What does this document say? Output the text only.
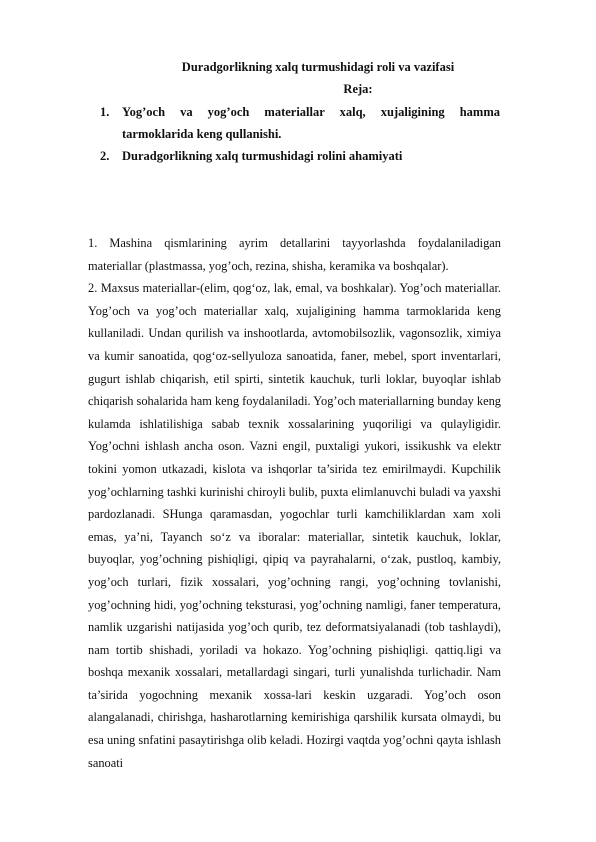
Duradgorlikning xalq turmushidagi roli va vazifasi
Reja:
1. Yog’och va yog’och materiallar xalq, xujaligining hamma tarmoklarida keng qullanishi.
2. Duradgorlikning xalq turmushidagi rolini ahamiyati

1. Mashina qismlarining ayrim detallarini tayyorlashda foydalaniladigan materiallar (plastmassa, yog’och, rezina, shisha, keramika va boshqalar).

2. Maxsus materiallar-(elim, qog‘oz, lak, emal, va boshkalar). Yog’och materiallar. Yog’och va yog’och materiallar xalq, xujaligining hamma tarmoklarida keng kullaniladi. Undan qurilish va inshootlarda, avtomobilsozlik, vagonsozlik, ximiya va kumir sanoatida, qog‘oz-sellyuloza sanoatida, faner, mebel, sport inventarlari, gugurt ishlab chiqarish, etil spirti, sintetik kauchuk, turli loklar, buyoqlar ishlab chiqarish sohalarida ham keng foydalaniladi. Yog’och materiallarning bunday keng kulamda ishlatilishiga sabab texnik xossalarining yuqoriligi va qulayligidir. Yog’ochni ishlash ancha oson. Vazni engil, puxtaligi yukori, issikushk va elektr tokini yomon utkazadi, kislota va ishqorlar ta’sirida tez emirilmaydi. Kupchilik yog’ochlarning tashki kurinishi chiroyli bulib, puxta elimlanuvchi buladi va yaxshi pardozlanadi. SHunga qaramasdan, yogochlar turli kamchiliklardan xam xoli emas, ya’ni, Tayanch so‘z va iboralar: materiallar, sintetik kauchuk, loklar, buyoqlar, yog’ochning pishiqligi, qipiq va payrahalarni, o‘zak, pustloq, kambiy, yog’och turlari, fizik xossalari, yog’ochning rangi, yog’ochning tovlanishi, yog’ochning hidi, yog’ochning teksturasi, yog’ochning namligi, faner temperatura, namlik uzgarishi natijasida yog’och qurib, tez deformatsiyalanadi (tob tashlaydi), nam tortib shishadi, yoriladi va hokazo. Yog’ochning pishiqligi. qattiq.ligi va boshqa mexanik xossalari, metallardagi singari, turli yunalishda turlichadir. Nam ta’sirida yogochning mexanik xossa-lari keskin uzgaradi. Yog’och oson alangalanadi, chirishga, hasharotlarning kemirishiga qarshilik kursata olmaydi, bu esa uning snfatini pasaytirishga olib keladi. Hozirgi vaqtda yog’ochni qayta ishlash sanoati
